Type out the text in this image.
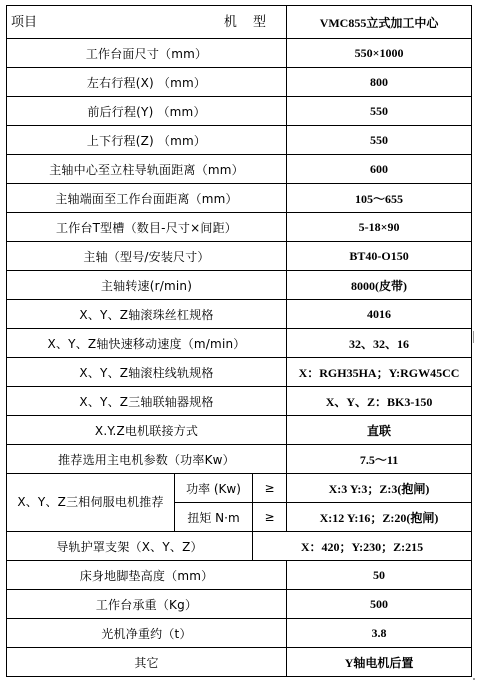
项目 机 型			VMC855立式加工中心
工作台面尺寸（mm）			550×1000
左右行程(X) （mm）			800
前后行程(Y) （mm）			550
上下行程(Z) （mm）			550
主轴中心至立柱导轨面距离（mm）			600
主轴端面至工作台面距离（mm）			105～655
工作台T型槽（数目-尺寸×间距）			5-18×90
主轴（型号/安装尺寸）			BT40-O150
主轴转速(r/min)			8000(皮带)
X、Y、Z轴滚珠丝杠规格			4016
X、Y、Z轴快速移动速度（m/min）			32、32、16
X、Y、Z轴滚柱线轨规格			X：RGH35HA；Y:RGW45CC
X、Y、Z三轴联轴器规格			X、Y、Z：BK3-150
X.Y.Z电机联接方式			直联
推荐选用主电机参数（功率Kw）			7.5～11
X、Y、Z三相伺服电机推荐	功率 (Kw)	≥	X:3 Y:3；Z:3(抱闸)
	扭矩 N·m	≥	X:12 Y:16；Z:20(抱闸)
导轨护罩支架（X、Y、Z）		X：420；Y:230；Z:215	
床身地脚垫高度（mm）			50
工作台承重（Kg）			500
光机净重约（t）			3.8
其它			Y轴电机后置
